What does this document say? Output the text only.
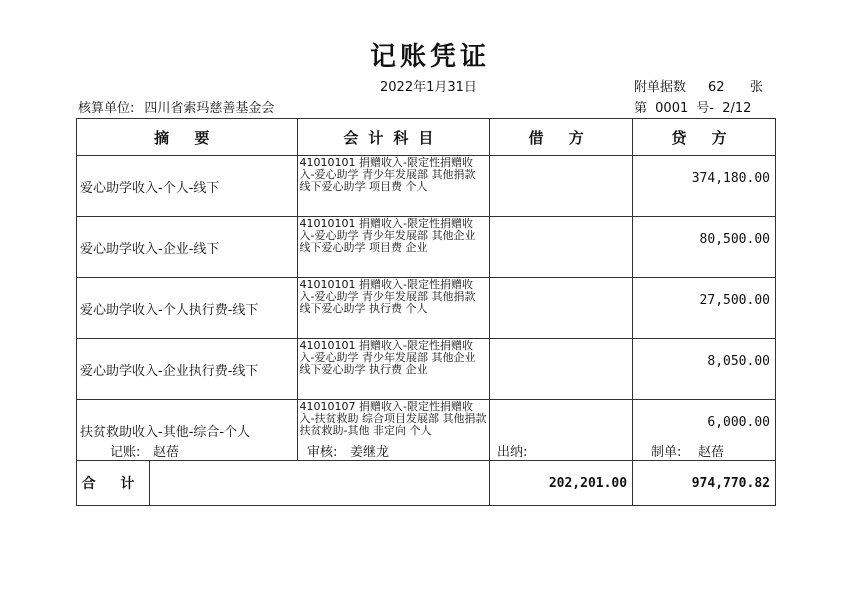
记账凭证
2022年1月31日	附单据数 62 张
核算单位: 四川省索玛慈善基金会	第 0001 号- 2/12
摘 要	会计科目	借 方	贷 方
爱心助学收入-个人-线下	41010101 捐赠收入-限定性捐赠收入-爱心助学 青少年发展部 其他捐款 线下爱心助学 项目费 个人		374,180.00
爱心助学收入-企业-线下	41010101 捐赠收入-限定性捐赠收入-爱心助学 青少年发展部 其他企业 线下爱心助学 项目费 企业		80,500.00
爱心助学收入-个人执行费-线下	41010101 捐赠收入-限定性捐赠收入-爱心助学 青少年发展部 其他捐款 线下爱心助学 执行费 个人		27,500.00
爱心助学收入-企业执行费-线下	41010101 捐赠收入-限定性捐赠收入-爱心助学 青少年发展部 其他企业 线下爱心助学 执行费 企业		8,050.00
扶贫救助收入-其他-综合-个人	41010107 捐赠收入-限定性捐赠收入-扶贫救助 综合项目发展部 其他捐款 扶贫救助-其他 非定向 个人		6,000.00

合 计		202,201.00	974,770.82
记账: 赵蓓	审核: 姜继龙	出纳:	制单: 赵蓓
